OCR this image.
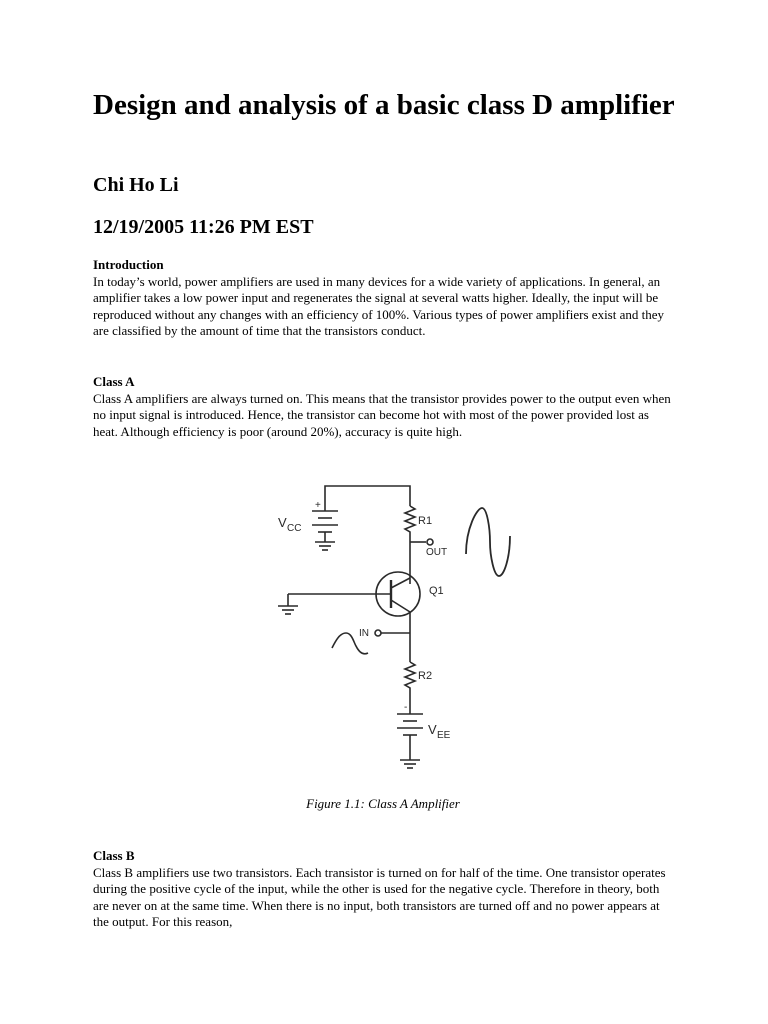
Design and analysis of a basic class D amplifier
Chi Ho Li
12/19/2005 11:26 PM EST

Introduction

In today’s world, power amplifiers are used in many devices for a wide variety of applications. In general, an amplifier takes a low power input and regenerates the signal at several watts higher. Ideally, the input will be reproduced without any changes with an efficiency of 100%. Various types of power amplifiers exist and they are classified by the amount of time that the transistors conduct.

Class A

Class A amplifiers are always turned on. This means that the transistor provides power to the output even when no input signal is introduced. Hence, the transistor can become hot with most of the power provided lost as heat. Although efficiency is poor (around 20%), accuracy is quite high.

V CC
+
R1
OUT
Q1
IN
R2
-
V EE

Figure 1.1: Class A Amplifier

Class B

Class B amplifiers use two transistors. Each transistor is turned on for half of the time. One transistor operates during the positive cycle of the input, while the other is used for the negative cycle. Therefore in theory, both are never on at the same time. When there is no input, both transistors are turned off and no power appears at the output. For this reason,
